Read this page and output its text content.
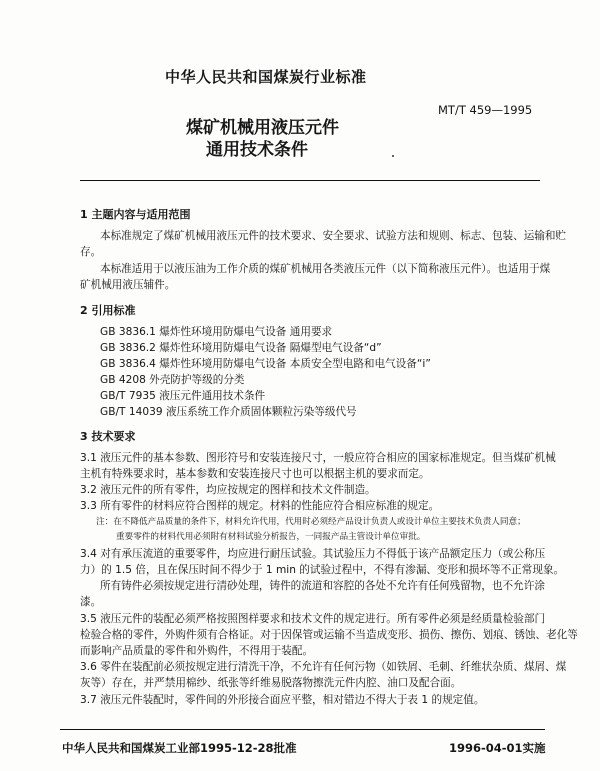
中华人民共和国煤炭行业标准
煤矿机械用液压元件
通用技术条件
MT/T 459—1995
1 主题内容与适用范围
本标准规定了煤矿机械用液压元件的技术要求、安全要求、试验方法和规则、标志、包装、运输和贮
存。
本标准适用于以液压油为工作介质的煤矿机械用各类液压元件（以下简称液压元件）。也适用于煤
矿机械用液压辅件。
2 引用标准
GB 3836.1 爆炸性环境用防爆电气设备 通用要求
GB 3836.2 爆炸性环境用防爆电气设备 隔爆型电气设备“d”
GB 3836.4 爆炸性环境用防爆电气设备 本质安全型电路和电气设备“i”
GB 4208 外壳防护等级的分类
GB/T 7935 液压元件通用技术条件
GB/T 14039 液压系统工作介质固体颗粒污染等级代号
3 技术要求
3.1 液压元件的基本参数、图形符号和安装连接尺寸，一般应符合相应的国家标准规定。但当煤矿机械
主机有特殊要求时，基本参数和安装连接尺寸也可以根据主机的要求而定。
3.2 液压元件的所有零件，均应按规定的图样和技术文件制造。
3.3 所有零件的材料应符合图样的规定。材料的性能应符合相应标准的规定。
注：在不降低产品质量的条件下，材料允许代用，代用时必须经产品设计负责人或设计单位主要技术负责人同意；
重要零件的材料代用必须附有材料试验分析报告，一同报产品主管设计单位审批。
3.4 对有承压流道的重要零件，均应进行耐压试验。其试验压力不得低于该产品额定压力（或公称压
力）的 1.5 倍，且在保压时间不得少于 1 min 的试验过程中，不得有渗漏、变形和损坏等不正常现象。
所有铸件必须按规定进行清砂处理，铸件的流道和容腔的各处不允许有任何残留物，也不允许涂
漆。
3.5 液压元件的装配必须严格按照图样要求和技术文件的规定进行。所有零件必须是经质量检验部门
检验合格的零件，外购件须有合格证。对于因保管或运输不当造成变形、损伤、擦伤、划痕、锈蚀、老化等
而影响产品质量的零件和外购件，不得用于装配。
3.6 零件在装配前必须按规定进行清洗干净，不允许有任何污物（如铁屑、毛刺、纤维状杂质、煤屑、煤
灰等）存在，并严禁用棉纱、纸张等纤维易脱落物擦洗元件内腔、油口及配合面。
3.7 液压元件装配时，零件间的外形接合面应平整，相对错边不得大于表 1 的规定值。
中华人民共和国煤炭工业部1995-12-28批准	1996-04-01实施
